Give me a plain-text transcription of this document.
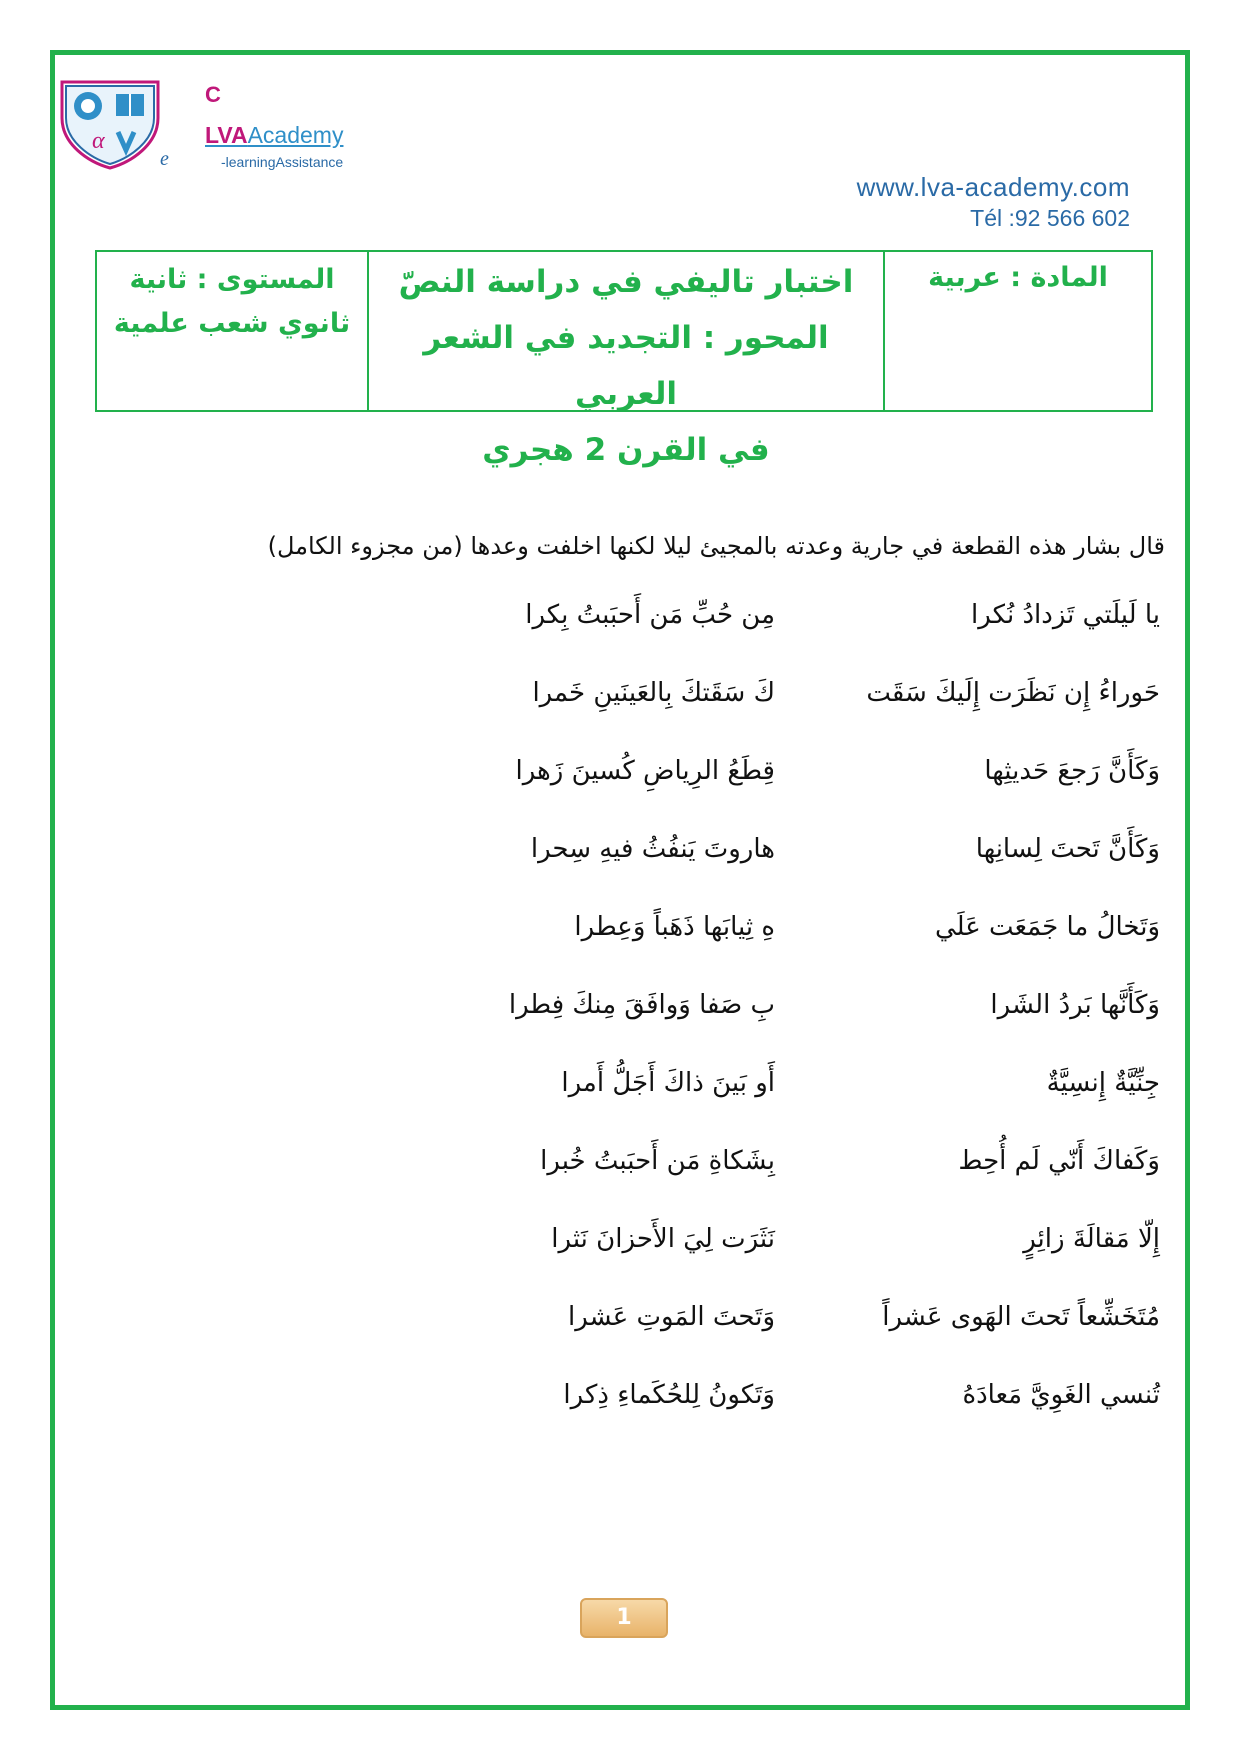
α
C
LVAAcademy
-learningAssistance
e
www.lva-academy.com
Tél :92 566 602
المادة : عربية
اختبار تاليفي في دراسة النصّ
المحور : التجديد في الشعر العربي
في القرن 2 هجري
المستوى : ثانية
ثانوي شعب علمية
قال بشار هذه القطعة في جارية وعدته بالمجيئ ليلا لكنها اخلفت وعدها (من مجزوء الكامل)
يا لَيلَتي تَزدادُ نُكرا
مِن حُبِّ مَن أَحبَبتُ بِكرا
حَوراءُ إِن نَظَرَت إِلَيكَ سَقَت
كَ سَقَتكَ بِالعَينَينِ خَمرا
وَكَأَنَّ رَجعَ حَديثِها
قِطَعُ الرِياضِ كُسينَ زَهرا
وَكَأَنَّ تَحتَ لِسانِها
هاروتَ يَنفُثُ فيهِ سِحرا
وَتَخالُ ما جَمَعَت عَلَي
هِ ثِيابَها ذَهَباً وَعِطرا
وَكَأَنَّها بَردُ الشَرا
بِ صَفا وَوافَقَ مِنكَ فِطرا
جِنِّيَّةٌ إِنسِيَّةٌ
أَو بَينَ ذاكَ أَجَلُّ أَمرا
وَكَفاكَ أَنّي لَم أُحِط
بِشَكاةِ مَن أَحبَبتُ خُبرا
إِلّا مَقالَةَ زائِرٍ
نَثَرَت لِيَ الأَحزانَ نَثرا
مُتَخَشِّعاً تَحتَ الهَوى عَشراً
وَتَحتَ المَوتِ عَشرا
تُنسي الغَوِيَّ مَعادَهُ
وَتَكونُ لِلحُكَماءِ ذِكرا
1
